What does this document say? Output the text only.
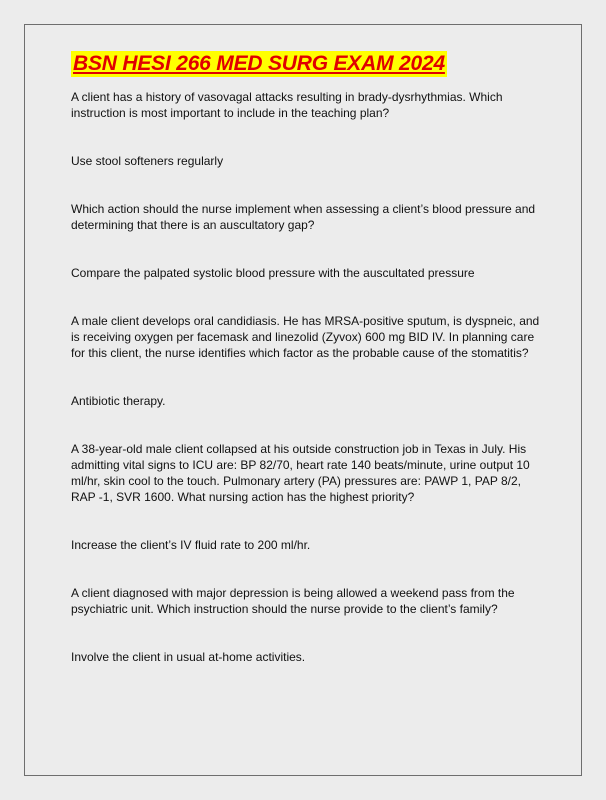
BSN HESI 266 MED SURG EXAM 2024

A client has a history of vasovagal attacks resulting in brady-dysrhythmias. Which instruction is most important to include in the teaching plan?

Use stool softeners regularly

Which action should the nurse implement when assessing a client’s blood pressure and determining that there is an auscultatory gap?

Compare the palpated systolic blood pressure with the auscultated pressure

A male client develops oral candidiasis. He has MRSA-positive sputum, is dyspneic, and is receiving oxygen per facemask and linezolid (Zyvox) 600 mg BID IV. In planning care for this client, the nurse identifies which factor as the probable cause of the stomatitis?

Antibiotic therapy.

A 38-year-old male client collapsed at his outside construction job in Texas in July. His admitting vital signs to ICU are: BP 82/70, heart rate 140 beats/minute, urine output 10 ml/hr, skin cool to the touch. Pulmonary artery (PA) pressures are: PAWP 1, PAP 8/2, RAP -1, SVR 1600. What nursing action has the highest priority?

Increase the client’s IV fluid rate to 200 ml/hr.

A client diagnosed with major depression is being allowed a weekend pass from the psychiatric unit. Which instruction should the nurse provide to the client’s family?

Involve the client in usual at-home activities.
